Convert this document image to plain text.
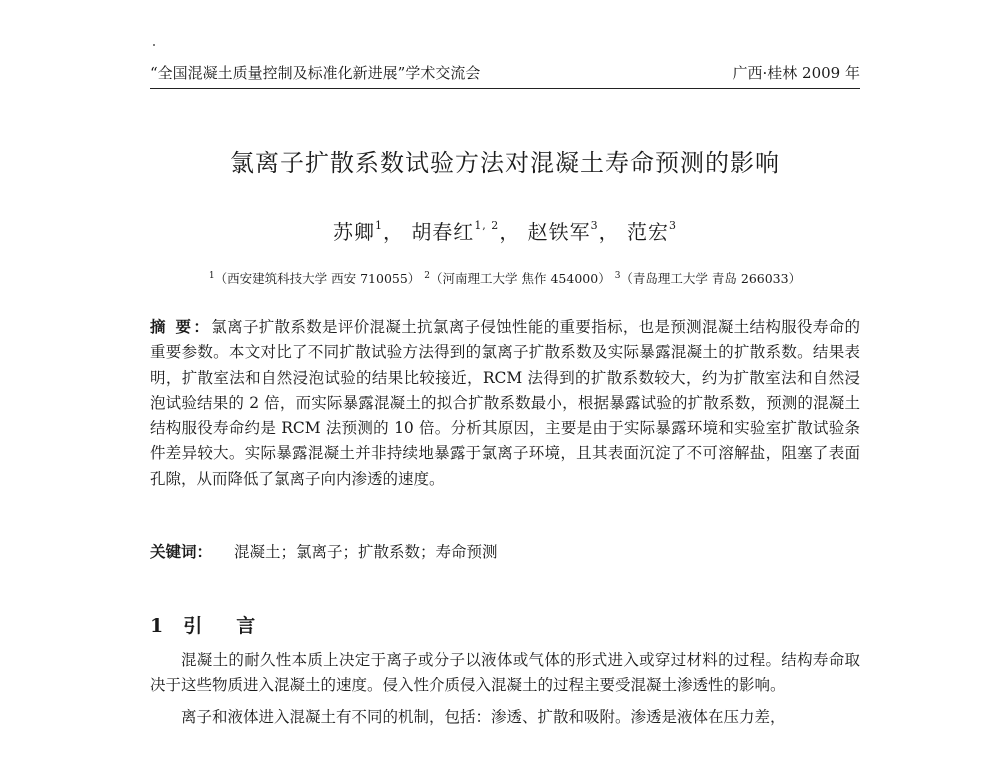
“全国混凝土质量控制及标准化新进展”学术交流会	广西·桂林 2009 年
氯离子扩散系数试验方法对混凝土寿命预测的影响
苏卿$^1$， 胡春红$^{1, 2}$， 赵铁军$^3$， 范宏$^3$
$^1$（西安建筑科技大学 西安 710055） $^2$（河南理工大学 焦作 454000） $^3$（青岛理工大学 青岛 266033）
摘 要：氯离子扩散系数是评价混凝土抗氯离子侵蚀性能的重要指标，也是预测混凝土结构服役寿命的重要参数。本文对比了不同扩散试验方法得到的氯离子扩散系数及实际暴露混凝土的扩散系数。结果表明，扩散室法和自然浸泡试验的结果比较接近，RCM 法得到的扩散系数较大，约为扩散室法和自然浸泡试验结果的 2 倍，而实际暴露混凝土的拟合扩散系数最小，根据暴露试验的扩散系数，预测的混凝土结构服役寿命约是 RCM 法预测的 10 倍。分析其原因，主要是由于实际暴露环境和实验室扩散试验条件差异较大。实际暴露混凝土并非持续地暴露于氯离子环境，且其表面沉淀了不可溶解盐，阻塞了表面孔隙，从而降低了氯离子向内渗透的速度。
关键词： 混凝土；氯离子；扩散系数；寿命预测
1 引 言

混凝土的耐久性本质上决定于离子或分子以液体或气体的形式进入或穿过材料的过程。结构寿命取决于这些物质进入混凝土的速度。侵入性介质侵入混凝土的过程主要受混凝土渗透性的影响。

离子和液体进入混凝土有不同的机制，包括：渗透、扩散和吸附。渗透是液体在压力差，
